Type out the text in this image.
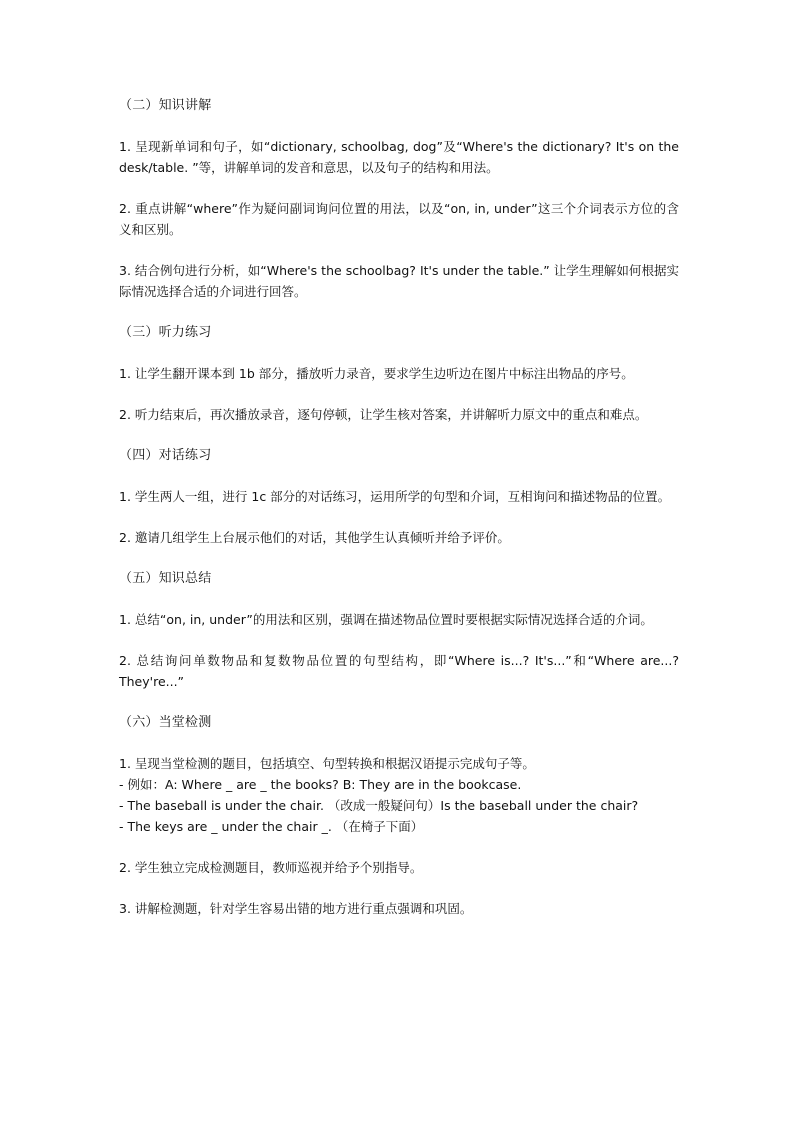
（二）知识讲解

1. 呈现新单词和句子，如“dictionary, schoolbag, dog”及“Where's the dictionary? It's on the desk/table. ”等，讲解单词的发音和意思，以及句子的结构和用法。

2. 重点讲解“where”作为疑问副词询问位置的用法，以及“on, in, under”这三个介词表示方位的含义和区别。

3. 结合例句进行分析，如“Where's the schoolbag? It's under the table.” 让学生理解如何根据实际情况选择合适的介词进行回答。

（三）听力练习

1. 让学生翻开课本到 1b 部分，播放听力录音，要求学生边听边在图片中标注出物品的序号。

2. 听力结束后，再次播放录音，逐句停顿，让学生核对答案，并讲解听力原文中的重点和难点。

（四）对话练习

1. 学生两人一组，进行 1c 部分的对话练习，运用所学的句型和介词，互相询问和描述物品的位置。

2. 邀请几组学生上台展示他们的对话，其他学生认真倾听并给予评价。

（五）知识总结

1. 总结“on, in, under”的用法和区别，强调在描述物品位置时要根据实际情况选择合适的介词。

2. 总结询问单数物品和复数物品位置的句型结构，即“Where is...? It's...”和“Where are...? They're...”

（六）当堂检测

1. 呈现当堂检测的题目，包括填空、句型转换和根据汉语提示完成句子等。

- 例如：A: Where _ are _ the books? B: They are in the bookcase.

- The baseball is under the chair. （改成一般疑问句）Is the baseball under the chair?

- The keys are _ under the chair _. （在椅子下面）

2. 学生独立完成检测题目，教师巡视并给予个别指导。

3. 讲解检测题，针对学生容易出错的地方进行重点强调和巩固。
